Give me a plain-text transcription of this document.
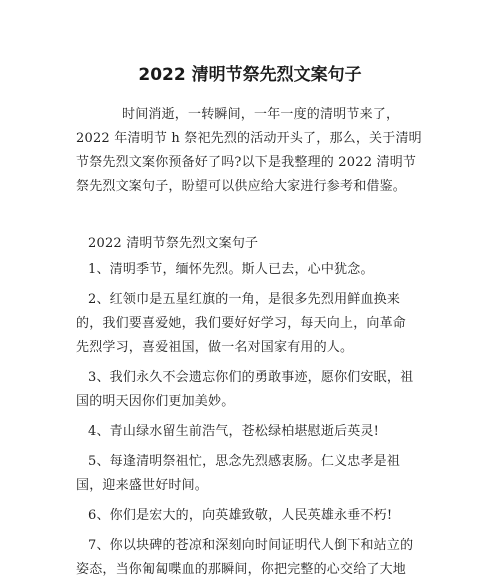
2022 清明节祭先烈文案句子
时间消逝，一转瞬间，一年一度的清明节来了，
2022 年清明节 h 祭祀先烈的活动开头了，那么，关于清明
节祭先烈文案你预备好了吗?以下是我整理的 2022 清明节
祭先烈文案句子，盼望可以供应给大家进行参考和借鉴。
2022 清明节祭先烈文案句子
1、清明季节，缅怀先烈。斯人已去，心中犹念。
2、红领巾是五星红旗的一角，是很多先烈用鲜血换来
的，我们要喜爱她，我们要好好学习，每天向上，向革命
先烈学习，喜爱祖国，做一名对国家有用的人。
3、我们永久不会遗忘你们的勇敢事迹，愿你们安眠，祖
国的明天因你们更加美妙。
4、青山绿水留生前浩气，苍松绿柏堪慰逝后英灵!
5、每逢清明祭祖忙，思念先烈感衷肠。仁义忠孝是祖
国，迎来盛世好时间。
6、你们是宏大的，向英雄致敬，人民英雄永垂不朽!
7、你以块碑的苍凉和深刻向时间证明代人倒下和站立的
姿态，当你匍匐喋血的那瞬间，你把完整的心交给了大地
